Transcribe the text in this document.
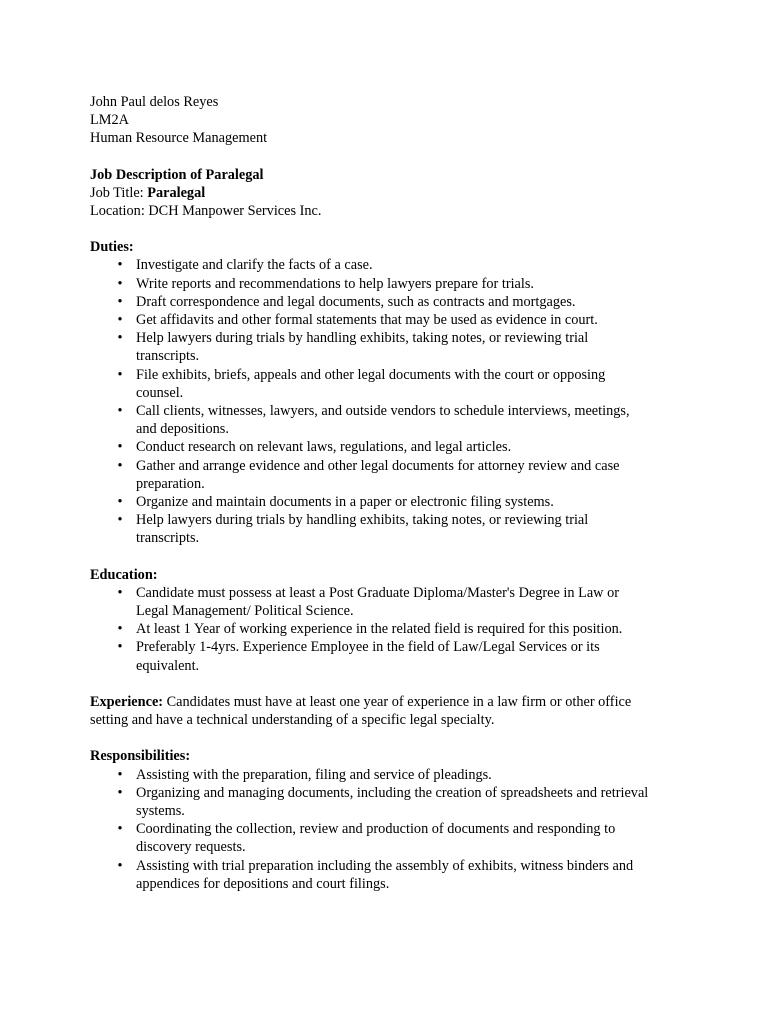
John Paul delos Reyes

LM2A

Human Resource Management

Job Description of Paralegal

Job Title: Paralegal

Location: DCH Manpower Services Inc.

Duties:

• Investigate and clarify the facts of a case.
• Write reports and recommendations to help lawyers prepare for trials.
• Draft correspondence and legal documents, such as contracts and mortgages.
• Get affidavits and other formal statements that may be used as evidence in court.
• Help lawyers during trials by handling exhibits, taking notes, or reviewing trial
transcripts.
• File exhibits, briefs, appeals and other legal documents with the court or opposing
counsel.
• Call clients, witnesses, lawyers, and outside vendors to schedule interviews, meetings,
and depositions.
• Conduct research on relevant laws, regulations, and legal articles.
• Gather and arrange evidence and other legal documents for attorney review and case
preparation.
• Organize and maintain documents in a paper or electronic filing systems.
• Help lawyers during trials by handling exhibits, taking notes, or reviewing trial
transcripts.

Education:

• Candidate must possess at least a Post Graduate Diploma/Master's Degree in Law or
Legal Management/ Political Science.
• At least 1 Year of working experience in the related field is required for this position.
• Preferably 1-4yrs. Experience Employee in the field of Law/Legal Services or its
equivalent.

Experience: Candidates must have at least one year of experience in a law firm or other office

setting and have a technical understanding of a specific legal specialty.

Responsibilities:

• Assisting with the preparation, filing and service of pleadings.
• Organizing and managing documents, including the creation of spreadsheets and retrieval
systems.
• Coordinating the collection, review and production of documents and responding to
discovery requests.
• Assisting with trial preparation including the assembly of exhibits, witness binders and
appendices for depositions and court filings.
